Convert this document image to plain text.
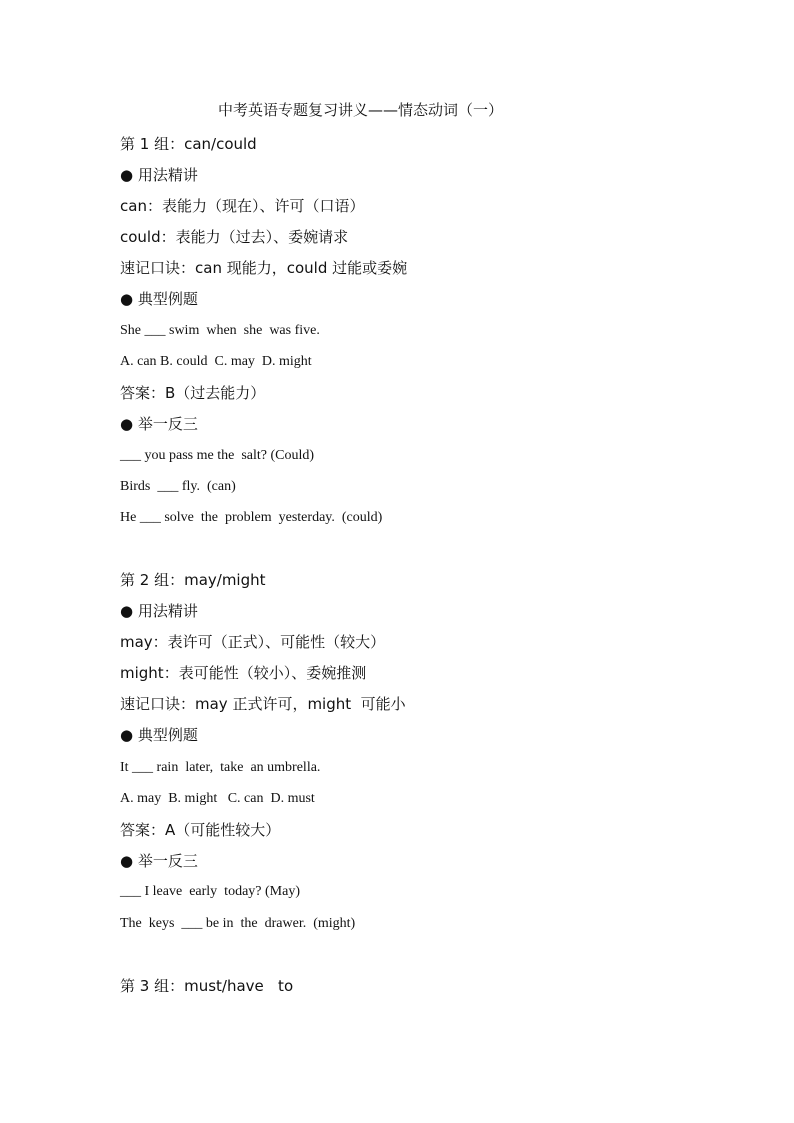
中考英语专题复习讲义——情态动词（一）
第 1 组：can/could
● 用法精讲
can：表能力（现在）、许可（口语）
could：表能力（过去）、委婉请求
速记口诀：can 现能力，could 过能或委婉
● 典型例题
She ___ swim  when  she  was five.
A. can B. could  C. may  D. might
答案：B（过去能力）
● 举一反三
___ you pass me the  salt? (Could)
Birds  ___ fly.  (can)
He ___ solve  the  problem  yesterday.  (could)
第 2 组：may/might
● 用法精讲
may：表许可（正式）、可能性（较大）
might：表可能性（较小）、委婉推测
速记口诀：may 正式许可，might  可能小
● 典型例题
It ___ rain  later,  take  an umbrella.
A. may  B. might   C. can  D. must
答案：A（可能性较大）
● 举一反三
___ I leave  early  today? (May)
The  keys  ___ be in  the  drawer.  (might)
第 3 组：must/have   to
